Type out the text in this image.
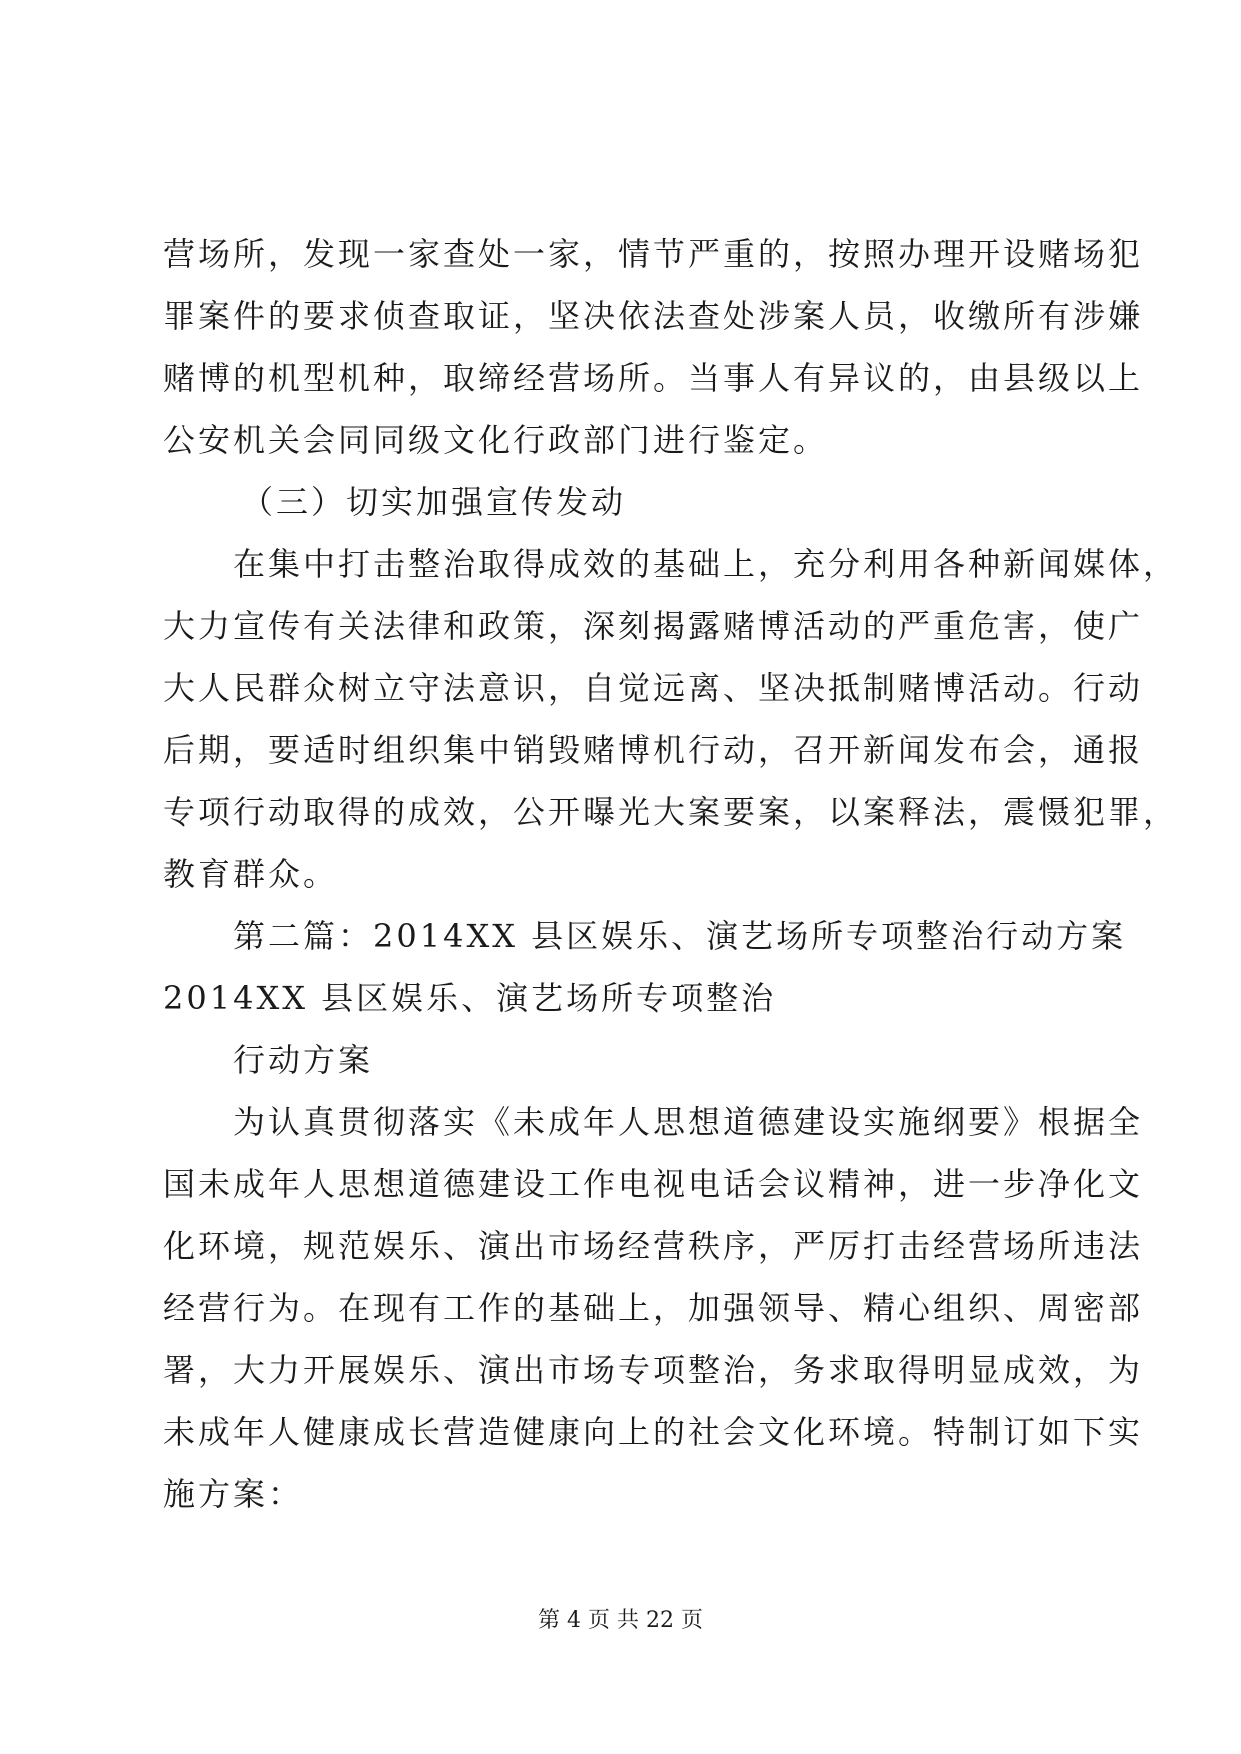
营场所，发现一家查处一家，情节严重的，按照办理开设赌场犯
罪案件的要求侦查取证，坚决依法查处涉案人员，收缴所有涉嫌
赌博的机型机种，取缔经营场所。当事人有异议的，由县级以上
公安机关会同同级文化行政部门进行鉴定。
（三）切实加强宣传发动
在集中打击整治取得成效的基础上，充分利用各种新闻媒体，
大力宣传有关法律和政策，深刻揭露赌博活动的严重危害，使广
大人民群众树立守法意识，自觉远离、坚决抵制赌博活动。行动
后期，要适时组织集中销毁赌博机行动，召开新闻发布会，通报
专项行动取得的成效，公开曝光大案要案，以案释法，震慑犯罪，
教育群众。
第二篇：2014XX 县区娱乐、演艺场所专项整治行动方案
2014XX 县区娱乐、演艺场所专项整治
行动方案
为认真贯彻落实《未成年人思想道德建设实施纲要》根据全
国未成年人思想道德建设工作电视电话会议精神，进一步净化文
化环境，规范娱乐、演出市场经营秩序，严厉打击经营场所违法
经营行为。在现有工作的基础上，加强领导、精心组织、周密部
署，大力开展娱乐、演出市场专项整治，务求取得明显成效，为
未成年人健康成长营造健康向上的社会文化环境。特制订如下实
施方案：
第 4 页 共 22 页
